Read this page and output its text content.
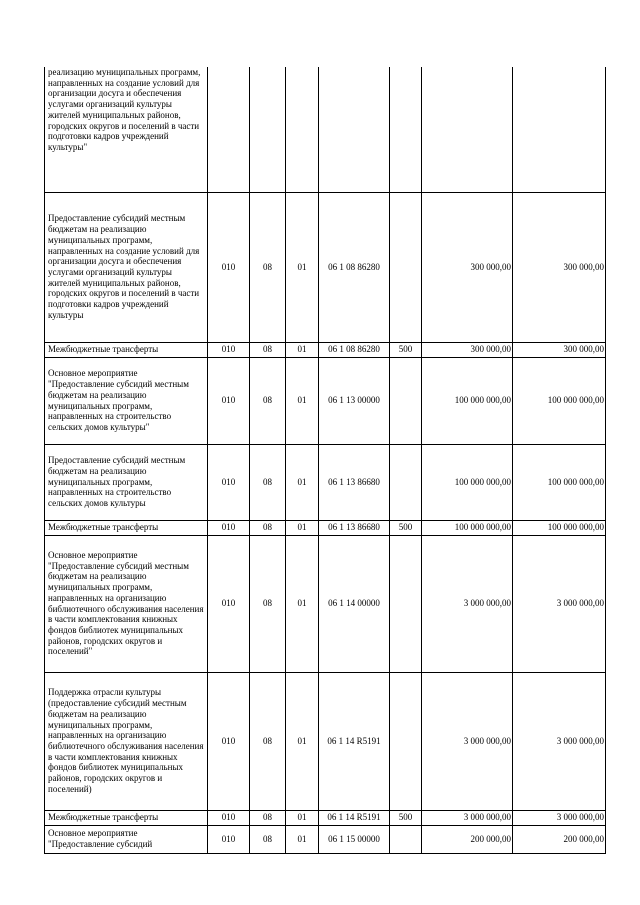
реализацию муниципальных программ, направленных на создание условий для организации досуга и обеспечения услугами организаций культуры жителей муниципальных районов, городских округов и поселений в части подготовки кадров учреждений культуры"							
Предоставление субсидий местным бюджетам на реализацию муниципальных программ, направленных на создание условий для организации досуга и обеспечения услугами организаций культуры жителей муниципальных районов, городских округов и поселений в части подготовки кадров учреждений культуры	010	08	01	06 1 08 86280		300 000,00	300 000,00
Межбюджетные трансферты	010	08	01	06 1 08 86280	500	300 000,00	300 000,00
Основное мероприятие "Предоставление субсидий местным бюджетам на реализацию муниципальных программ, направленных на строительство сельских домов культуры"	010	08	01	06 1 13 00000		100 000 000,00	100 000 000,00
Предоставление субсидий местным бюджетам на реализацию муниципальных программ, направленных на строительство сельских домов культуры	010	08	01	06 1 13 86680		100 000 000,00	100 000 000,00
Межбюджетные трансферты	010	08	01	06 1 13 86680	500	100 000 000,00	100 000 000,00
Основное мероприятие "Предоставление субсидий местным бюджетам на реализацию муниципальных программ, направленных на организацию библиотечного обслуживания населения в части комплектования книжных фондов библиотек муниципальных районов, городских округов и поселений"	010	08	01	06 1 14 00000		3 000 000,00	3 000 000,00
Поддержка отрасли культуры (предоставление субсидий местным бюджетам на реализацию муниципальных программ, направленных на организацию библиотечного обслуживания населения в части комплектования книжных фондов библиотек муниципальных районов, городских округов и поселений)	010	08	01	06 1 14 R5191		3 000 000,00	3 000 000,00
Межбюджетные трансферты	010	08	01	06 1 14 R5191	500	3 000 000,00	3 000 000,00
Основное мероприятие "Предоставление субсидий	010	08	01	06 1 15 00000		200 000,00	200 000,00
